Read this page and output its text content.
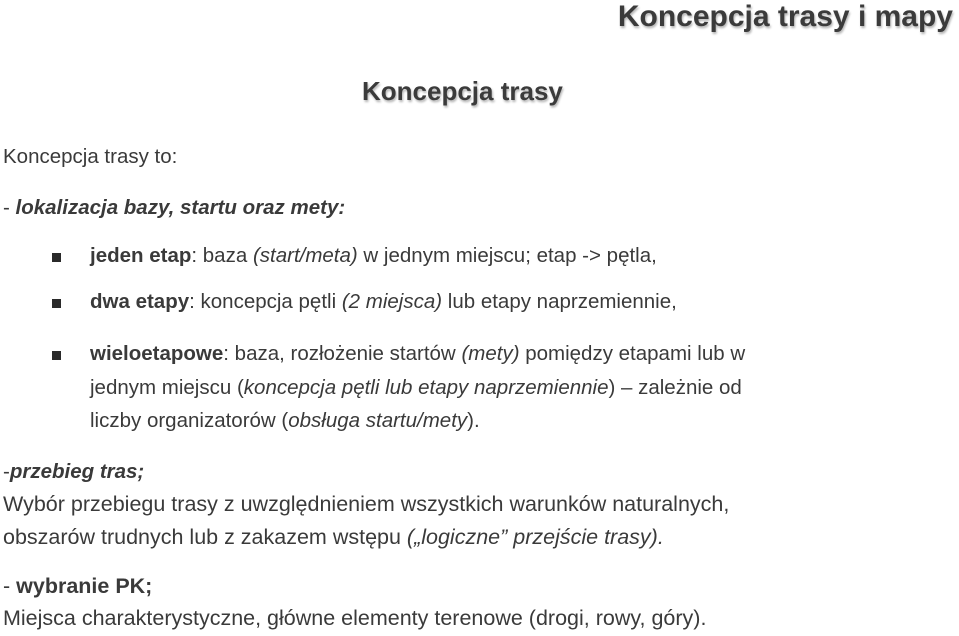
Koncepcja trasy i mapy
Koncepcja trasy
Koncepcja trasy to:
- lokalizacja bazy, startu oraz mety:
jeden etap: baza (start/meta) w jednym miejscu; etap -> pętla,
dwa etapy: koncepcja pętli (2 miejsca) lub etapy naprzemiennie,
wieloetapowe: baza, rozłożenie startów (mety) pomiędzy etapami lub w
jednym miejscu (koncepcja pętli lub etapy naprzemiennie) – zależnie od
liczby organizatorów (obsługa startu/mety).
-przebieg tras;
Wybór przebiegu trasy z uwzględnieniem wszystkich warunków naturalnych,
obszarów trudnych lub z zakazem wstępu („logiczne” przejście trasy).
- wybranie PK;
Miejsca charakterystyczne, główne elementy terenowe (drogi, rowy, góry).
